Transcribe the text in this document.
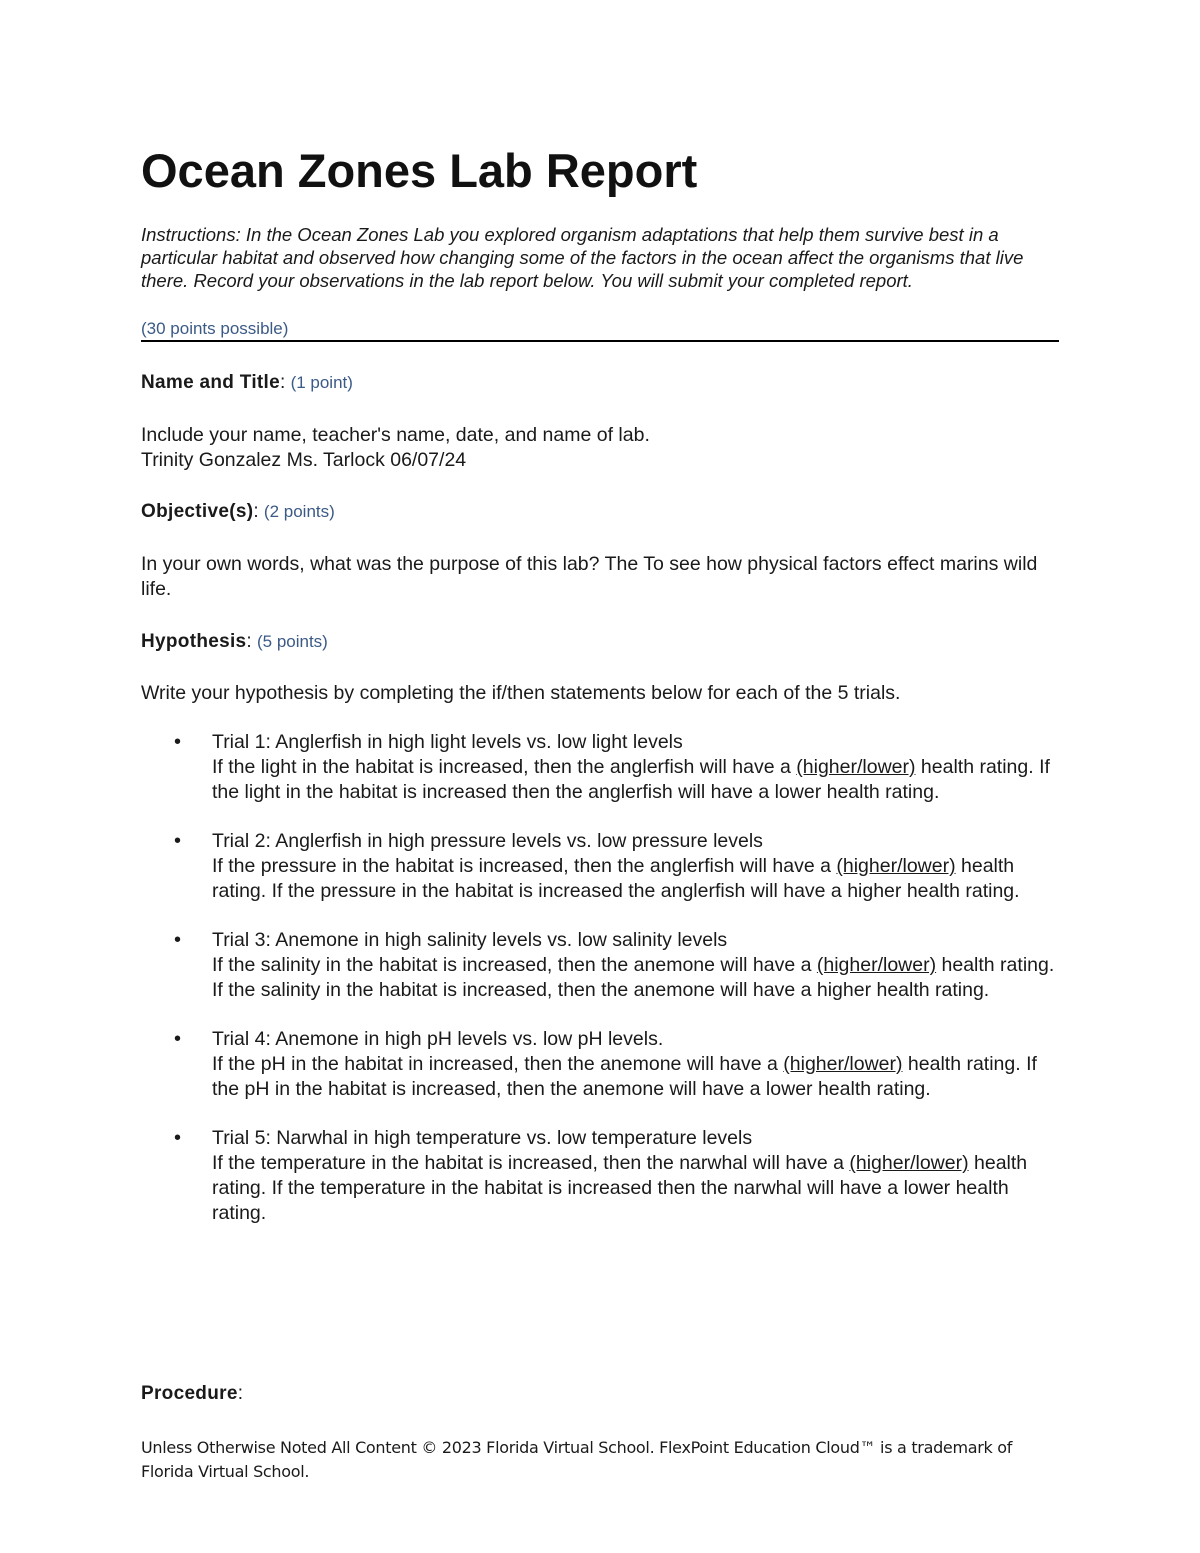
Ocean Zones Lab Report

Instructions: In the Ocean Zones Lab you explored organism adaptations that help them survive best in a particular habitat and observed how changing some of the factors in the ocean affect the organisms that live there. Record your observations in the lab report below. You will submit your completed report.

(30 points possible)

Name and Title: (1 point)

Include your name, teacher's name, date, and name of lab.

Trinity Gonzalez Ms. Tarlock 06/07/24

Objective(s): (2 points)

In your own words, what was the purpose of this lab? The To see how physical factors effect marins wild life.

Hypothesis: (5 points)

Write your hypothesis by completing the if/then statements below for each of the 5 trials.

• Trial 1: Anglerfish in high light levels vs. low light levels
If the light in the habitat is increased, then the anglerfish will have a (higher/lower) health rating. If the light in the habitat is increased then the anglerfish will have a lower health rating.
• Trial 2: Anglerfish in high pressure levels vs. low pressure levels
If the pressure in the habitat is increased, then the anglerfish will have a (higher/lower) health rating. If the pressure in the habitat is increased the anglerfish will have a higher health rating.
• Trial 3: Anemone in high salinity levels vs. low salinity levels
If the salinity in the habitat is increased, then the anemone will have a (higher/lower) health rating. If the salinity in the habitat is increased, then the anemone will have a higher health rating.
• Trial 4: Anemone in high pH levels vs. low pH levels.
If the pH in the habitat in increased, then the anemone will have a (higher/lower) health rating. If the pH in the habitat is increased, then the anemone will have a lower health rating.
• Trial 5: Narwhal in high temperature vs. low temperature levels
If the temperature in the habitat is increased, then the narwhal will have a (higher/lower) health rating. If the temperature in the habitat is increased then the narwhal will have a lower health rating.

Procedure:

Unless Otherwise Noted All Content © 2023 Florida Virtual School. FlexPoint Education Cloud™ is a trademark of Florida Virtual School.
